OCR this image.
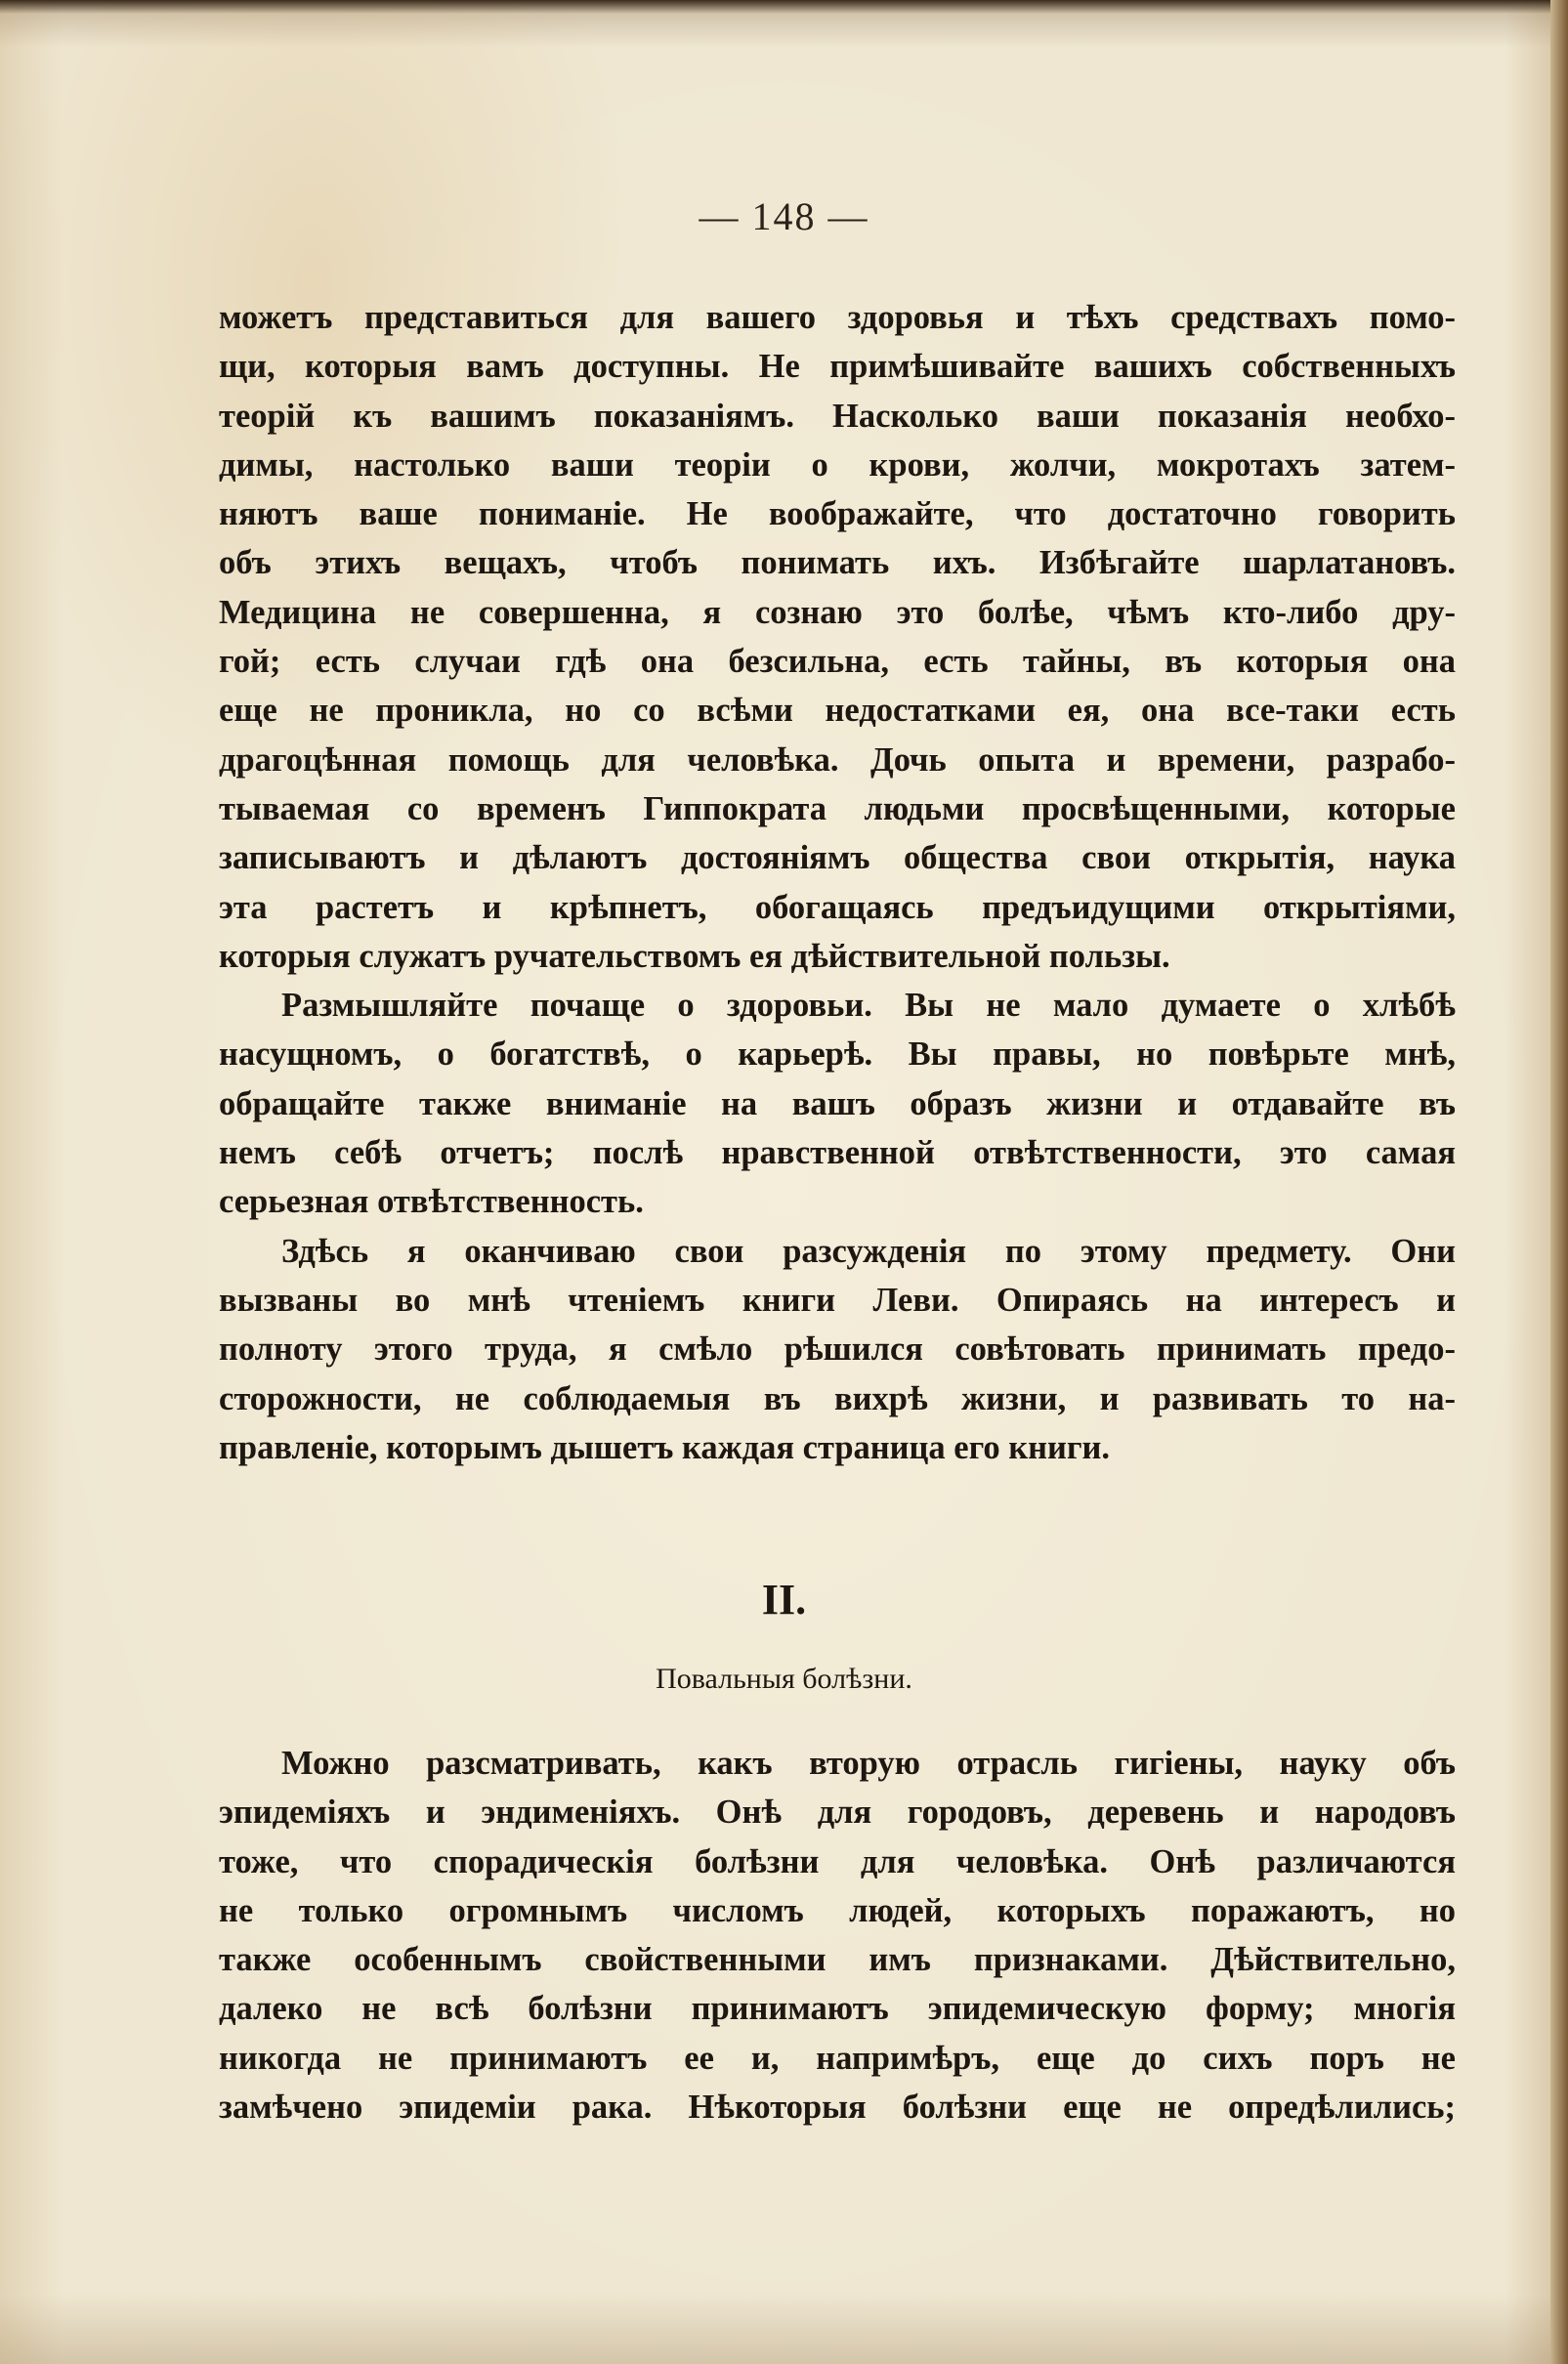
— 148 —
можетъ представиться для вашего здоровья и тѣхъ средствахъ помо-
щи, которыя вамъ доступны. Не примѣшивайте вашихъ собственныхъ
теорій къ вашимъ показаніямъ. Насколько ваши показанія необхо-
димы, настолько ваши теоріи о крови, жолчи, мокротахъ затем-
няютъ ваше пониманіе. Не воображайте, что достаточно говорить
объ этихъ вещахъ, чтобъ понимать ихъ. Избѣгайте шарлатановъ.
Медицина не совершенна, я сознаю это болѣе, чѣмъ кто-либо дру-
гой; есть случаи гдѣ она безсильна, есть тайны, въ которыя она
еще не проникла, но со всѣми недостатками ея, она все-таки есть
драгоцѣнная помощь для человѣка. Дочь опыта и времени, разрабо-
тываемая со временъ Гиппократа людьми просвѣщенными, которые
записываютъ и дѣлаютъ достояніямъ общества свои открытія, наука
эта растетъ и крѣпнетъ, обогащаясь предъидущими открытіями,
которыя служатъ ручательствомъ ея дѣйствительной пользы.
Размышляйте почаще о здоровьи. Вы не мало думаете о хлѣбѣ
насущномъ, о богатствѣ, о карьерѣ. Вы правы, но повѣрьте мнѣ,
обращайте также вниманіе на вашъ образъ жизни и отдавайте въ
немъ себѣ отчетъ; послѣ нравственной отвѣтственности, это самая
серьезная отвѣтственность.
Здѣсь я оканчиваю свои разсужденія по этому предмету. Они
вызваны во мнѣ чтеніемъ книги Леви. Опираясь на интересъ и
полноту этого труда, я смѣло рѣшился совѣтовать принимать предо-
сторожности, не соблюдаемыя въ вихрѣ жизни, и развивать то на-
правленіе, которымъ дышетъ каждая страница его книги.
II.
Повальныя болѣзни.
Можно разсматривать, какъ вторую отрасль гигіены, науку объ
эпидеміяхъ и эндименіяхъ. Онѣ для городовъ, деревень и народовъ
тоже, что спорадическія болѣзни для человѣка. Онѣ различаются
не только огромнымъ числомъ людей, которыхъ поражаютъ, но
также особеннымъ свойственными имъ признаками. Дѣйствительно,
далеко не всѣ болѣзни принимаютъ эпидемическую форму; многія
никогда не принимаютъ ее и, напримѣръ, еще до сихъ поръ не
замѣчено эпидеміи рака. Нѣкоторыя болѣзни еще не опредѣлились;
